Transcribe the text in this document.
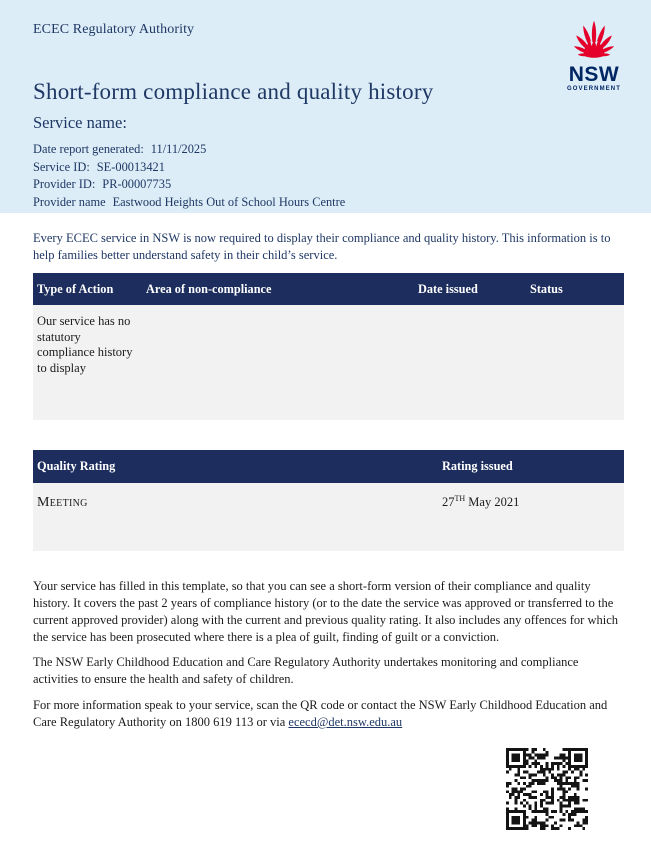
ECEC Regulatory Authority
NSW
GOVERNMENT
Short-form compliance and quality history
Service name:
Date report generated: 11/11/2025
Service ID: SE-00013421
Provider ID: PR-00007735
Provider name Eastwood Heights Out of School Hours Centre

Every ECEC service in NSW is now required to display their compliance and quality history. This information is to help families better understand safety in their child’s service.

Type of Action	Area of non-compliance	Date issued	Status
Our service has no statutory compliance history to display			
Quality Rating	Rating issued
Meeting	27TH May 2021

Your service has filled in this template, so that you can see a short-form version of their compliance and quality history. It covers the past 2 years of compliance history (or to the date the service was approved or transferred to the current approved provider) along with the current and previous quality rating. It also includes any offences for which the service has been prosecuted where there is a plea of guilt, finding of guilt or a conviction.

The NSW Early Childhood Education and Care Regulatory Authority undertakes monitoring and compliance activities to ensure the health and safety of children.

For more information speak to your service, scan the QR code or contact the NSW Early Childhood Education and Care Regulatory Authority on 1800 619 113 or via ececd@det.nsw.edu.au
